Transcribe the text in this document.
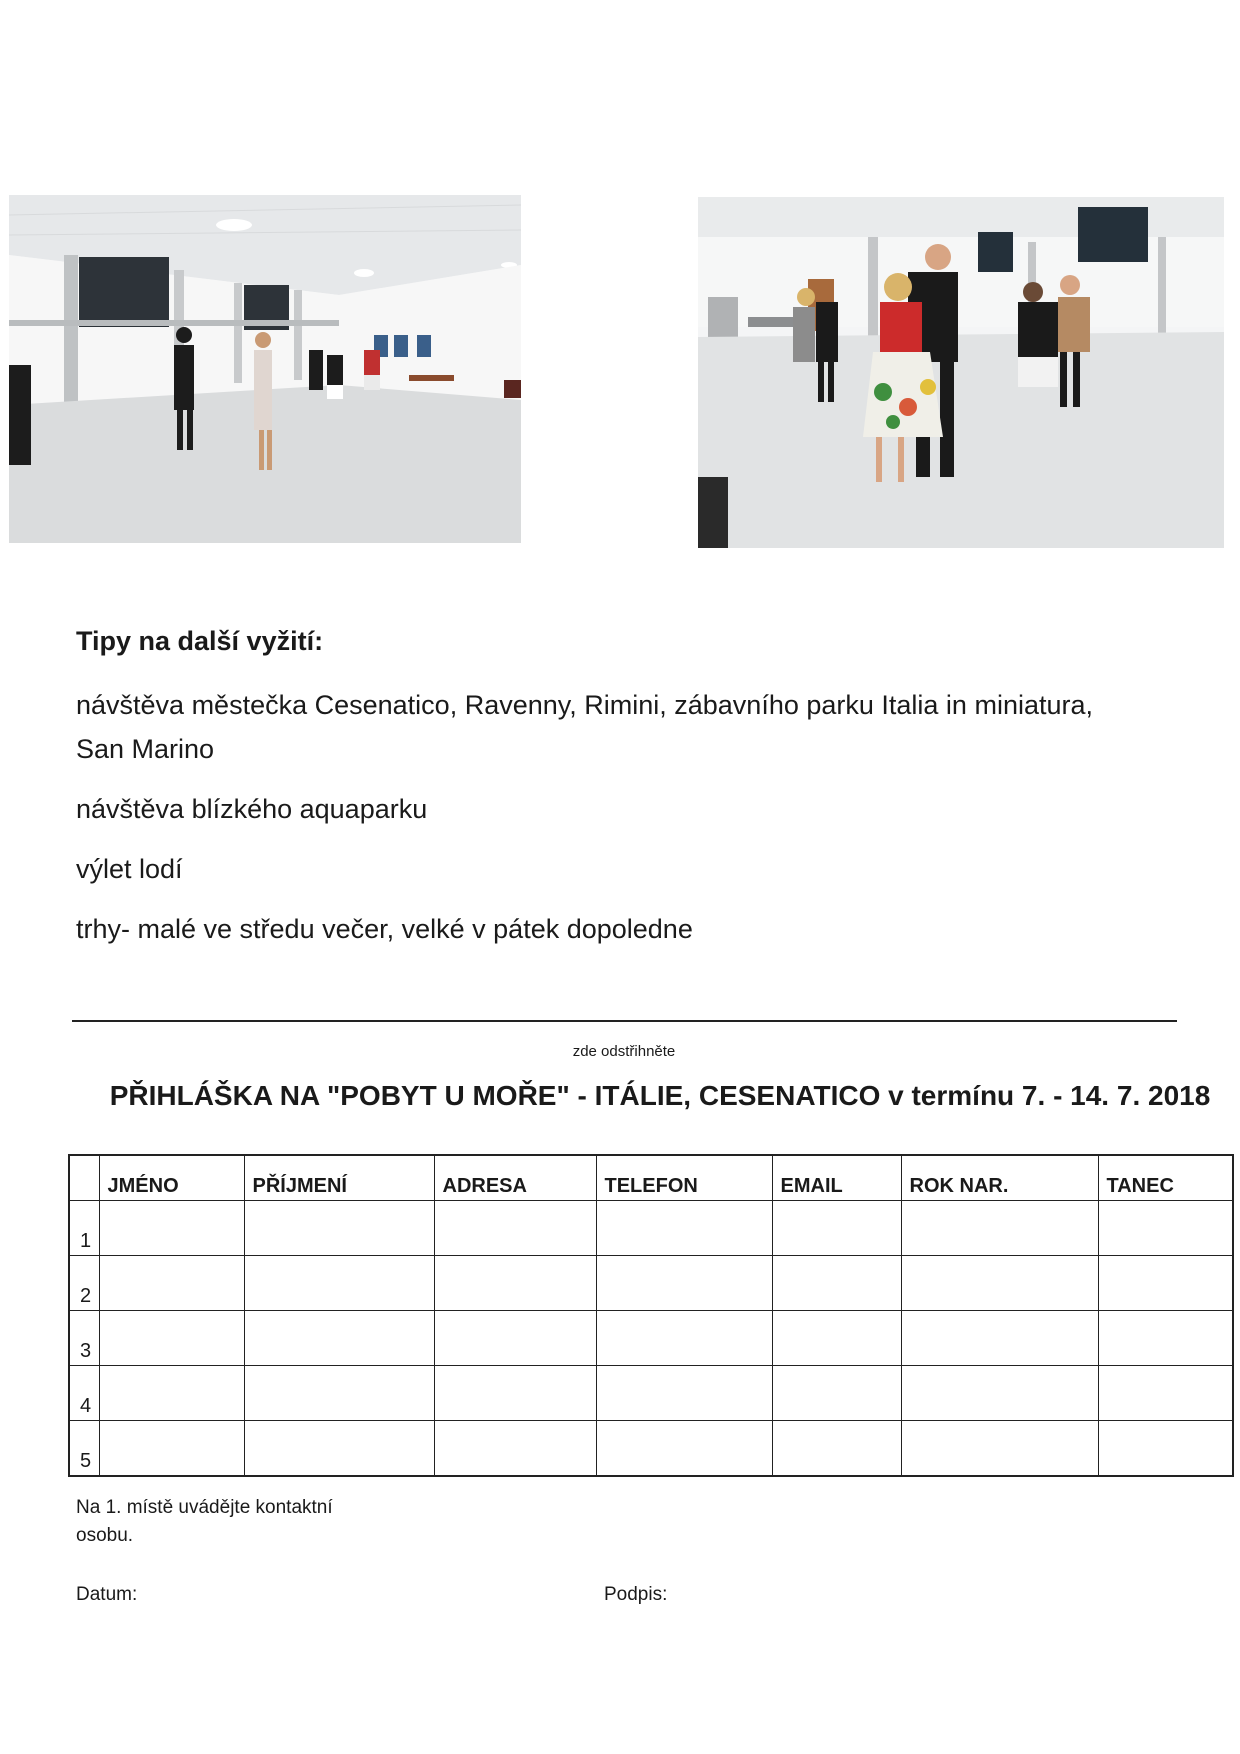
Tipy na další vyžití:

návštěva městečka Cesenatico, Ravenny, Rimini, zábavního parku Italia in miniatura, San Marino

návštěva blízkého aquaparku

výlet lodí

trhy- malé ve středu večer, velké v pátek dopoledne

zde odstřihněte
PŘIHLÁŠKA NA "POBYT U MOŘE" - ITÁLIE, CESENATICO v termínu 7. - 14. 7. 2018
	JMÉNO	PŘÍJMENÍ	ADRESA	TELEFON	EMAIL	ROK NAR.	TANEC
1							
2							
3							
4							
5							
Na 1. místě uvádějte kontaktní osobu.
Datum:	Podpis:
